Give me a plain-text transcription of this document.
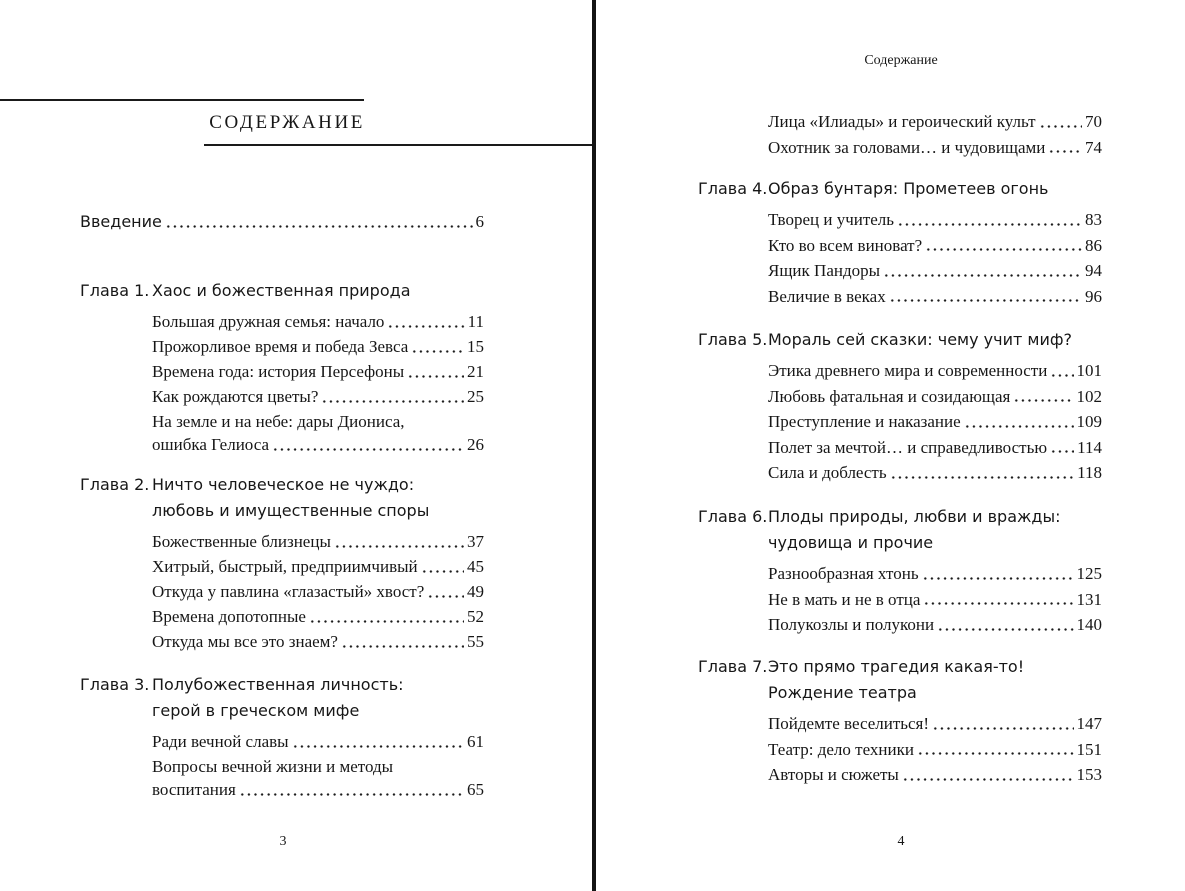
СОДЕРЖАНИЕ
Введение	6
Глава 1. Хаос и божественная природа
Большая дружная семья: начало	11
Прожорливое время и победа Зевса	15
Времена года: история Персефоны	21
Как рождаются цветы?	25
На земле и на небе: дары Диониса,
ошибка Гелиоса	26
Глава 2. Ничто человеческое не чуждо:
любовь и имущественные споры
Божественные близнецы	37
Хитрый, быстрый, предприимчивый	45
Откуда у павлина «глазастый» хвост?	49
Времена допотопные	52
Откуда мы все это знаем?	55
Глава 3. Полубожественная личность:
герой в греческом мифе
Ради вечной славы	61
Вопросы вечной жизни и методы
воспитания	65
3
Содержание
Лица «Илиады» и героический культ	70
Охотник за головами… и чудовищами 74
Глава 4. Образ бунтаря: Прометеев огонь
Творец и учитель	83
Кто во всем виноват?	86
Ящик Пандоры	94
Величие в веках	96
Глава 5. Мораль сей сказки: чему учит миф?
Этика древнего мира и современности 101
Любовь фатальная и созидающая	102
Преступление и наказание	109
Полет за мечтой… и справедливостью 114
Сила и доблесть	118
Глава 6. Плоды природы, любви и вражды:
чудовища и прочие
Разнообразная хтонь	125
Не в мать и не в отца	131
Полукозлы и полукони	140
Глава 7. Это прямо трагедия какая-то!
Рождение театра
Пойдемте веселиться!	147
Театр: дело техники	151
Авторы и сюжеты	153
4
